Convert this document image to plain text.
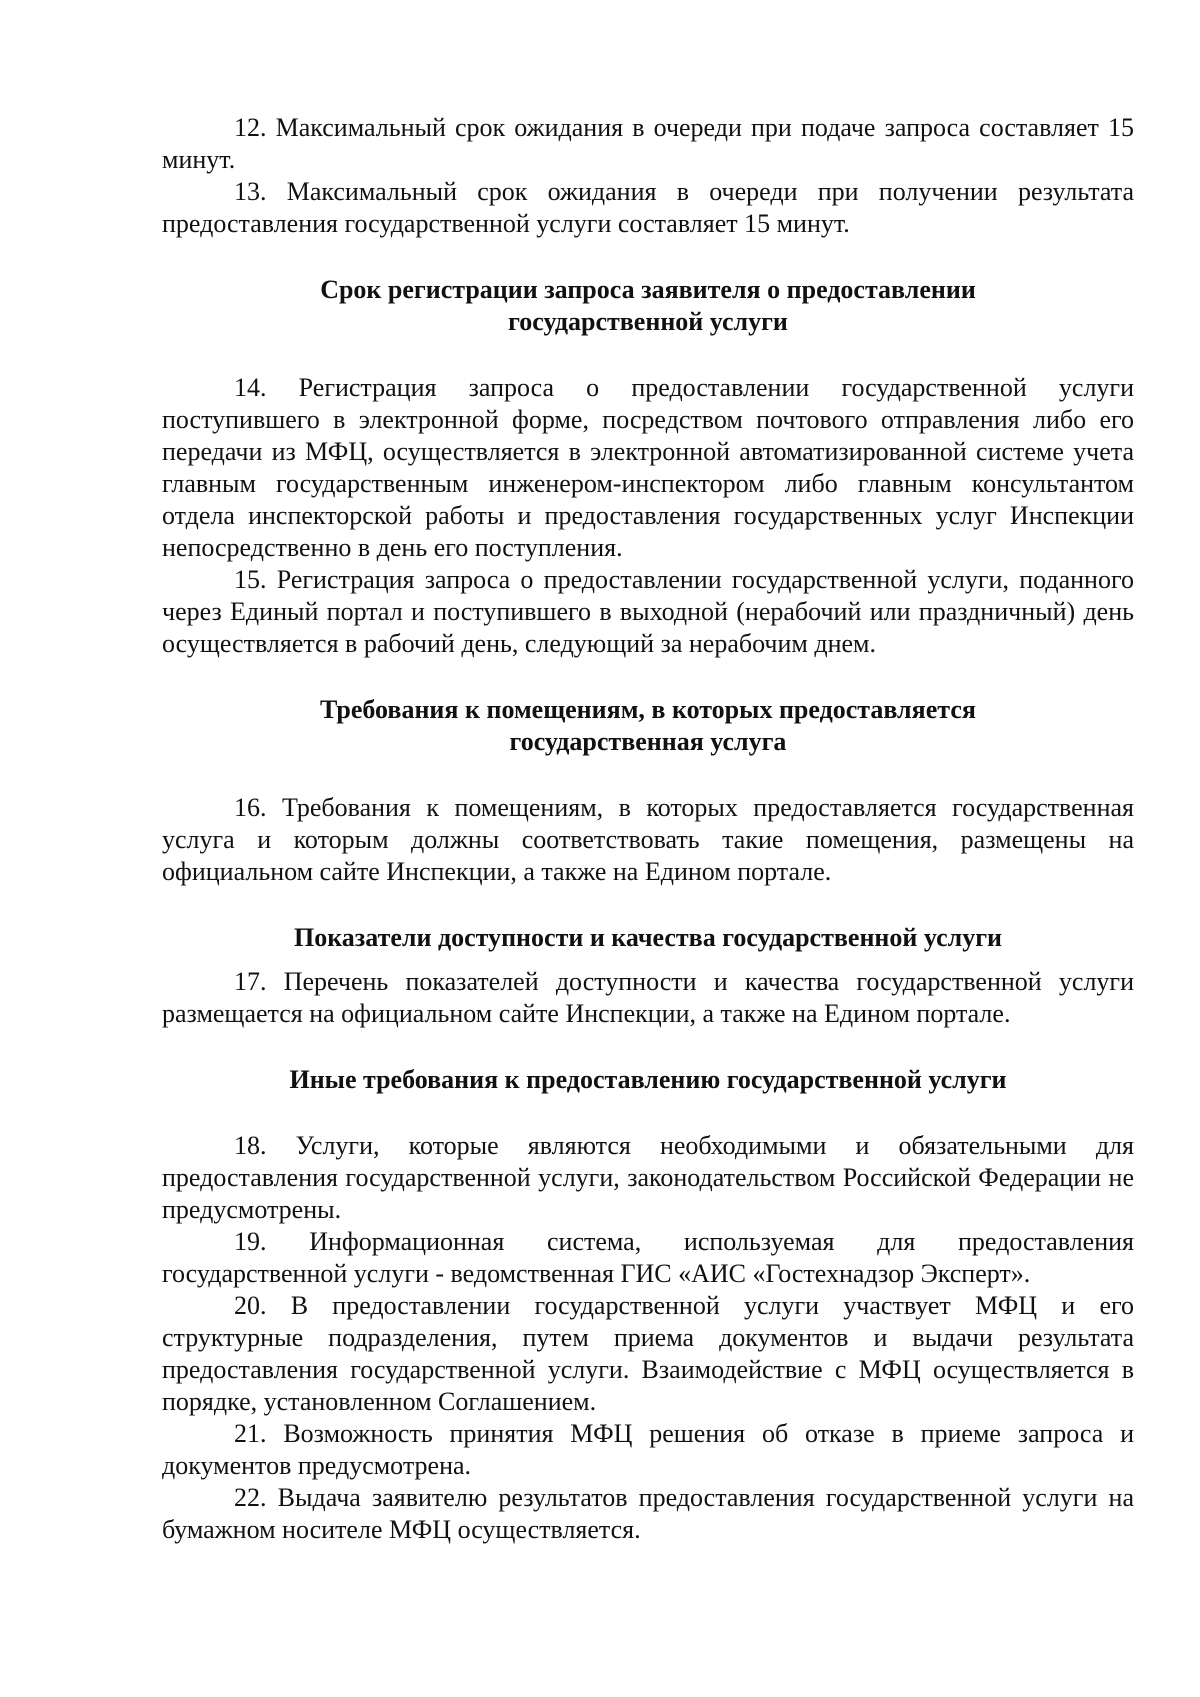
12. Максимальный срок ожидания в очереди при подаче запроса составляет 15 минут.

13. Максимальный срок ожидания в очереди при получении результата предоставления государственной услуги составляет 15 минут.

Срок регистрации запроса заявителя о предоставлении
государственной услуги

14. Регистрация запроса о предоставлении государственной услуги поступившего в электронной форме, посредством почтового отправления либо его передачи из МФЦ, осуществляется в электронной автоматизированной системе учета главным государственным инженером-инспектором либо главным консультантом отдела инспекторской работы и предоставления государственных услуг Инспекции непосредственно в день его поступления.

15. Регистрация запроса о предоставлении государственной услуги, поданного через Единый портал и поступившего в выходной (нерабочий или праздничный) день осуществляется в рабочий день, следующий за нерабочим днем.

Требования к помещениям, в которых предоставляется
государственная услуга

16. Требования к помещениям, в которых предоставляется государственная услуга и которым должны соответствовать такие помещения, размещены на официальном сайте Инспекции, а также на Едином портале.

Показатели доступности и качества государственной услуги

17. Перечень показателей доступности и качества государственной услуги размещается на официальном сайте Инспекции, а также на Едином портале.

Иные требования к предоставлению государственной услуги

18. Услуги, которые являются необходимыми и обязательными для предоставления государственной услуги, законодательством Российской Федерации не предусмотрены.

19. Информационная система, используемая для предоставления государственной услуги - ведомственная ГИС «АИС «Гостехнадзор Эксперт».

20. В предоставлении государственной услуги участвует МФЦ и его структурные подразделения, путем приема документов и выдачи результата предоставления государственной услуги. Взаимодействие с МФЦ осуществляется в порядке, установленном Соглашением.

21. Возможность принятия МФЦ решения об отказе в приеме запроса и документов предусмотрена.

22. Выдача заявителю результатов предоставления государственной услуги на бумажном носителе МФЦ осуществляется.
